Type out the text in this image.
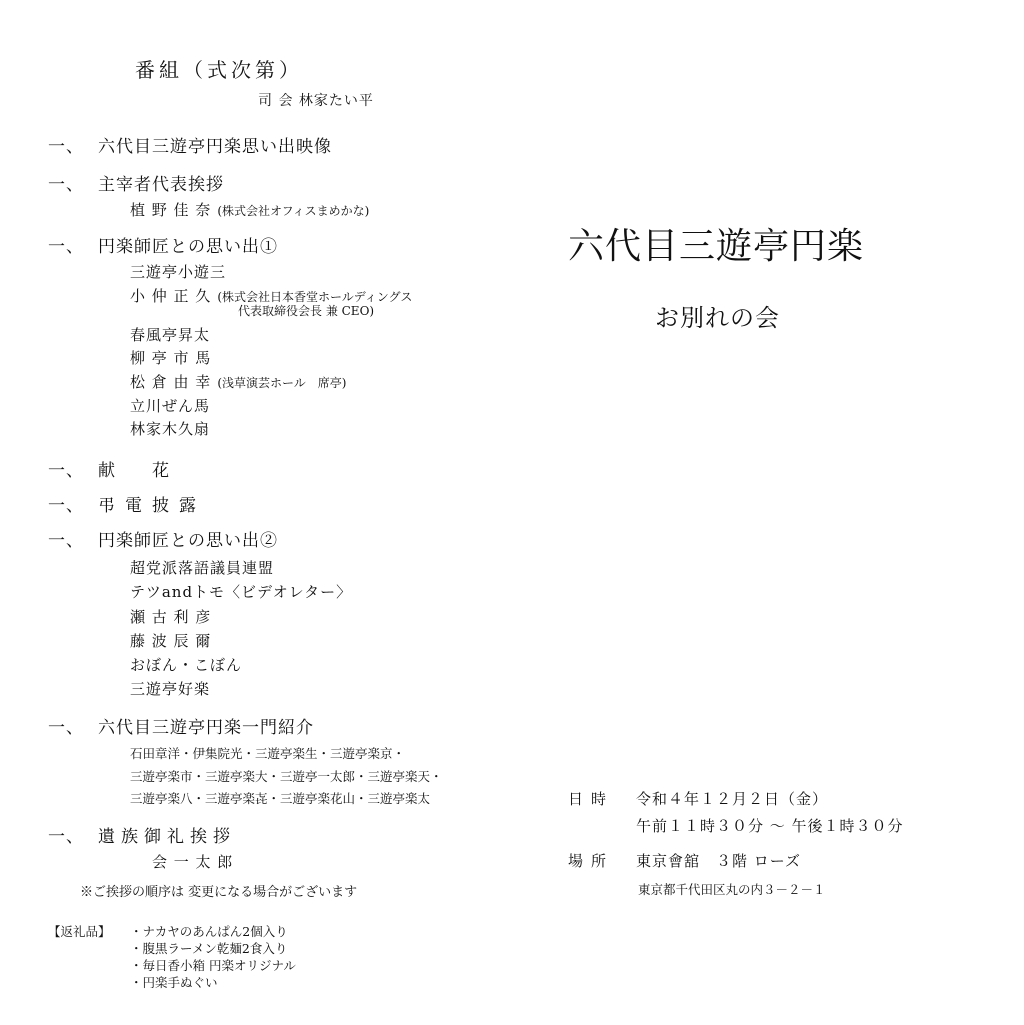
番組（式次第）
司 会 林家たい平
一、 六代目三遊亭円楽思い出映像
一、 主宰者代表挨拶
植 野 佳 奈 (株式会社オフィスまめかな)
一、 円楽師匠との思い出①
三遊亭小遊三
小 仲 正 久 (株式会社日本香堂ホールディングス
代表取締役会長 兼 CEO)
春風亭昇太
柳 亭 市 馬
松 倉 由 幸 (浅草演芸ホール　席亭)
立川ぜん馬
林家木久扇
一、 献　　花
一、 弔電披露
一、 円楽師匠との思い出②
超党派落語議員連盟
テツandトモ〈ビデオレター〉
瀬 古 利 彦
藤 波 辰 爾
おぼん・こぼん
三遊亭好楽
一、 六代目三遊亭円楽一門紹介
石田章洋・伊集院光・三遊亭楽生・三遊亭楽京・
三遊亭楽市・三遊亭楽大・三遊亭一太郎・三遊亭楽天・
三遊亭楽八・三遊亭楽㐂・三遊亭楽花山・三遊亭楽太
一、 遺族御礼挨拶
会 一 太 郎
※ご挨拶の順序は 変更になる場合がございます
【返礼品】 ・ナカヤのあんぱん2個入り
・腹黒ラーメン乾麺2食入り
・毎日香小箱 円楽オリジナル
・円楽手ぬぐい
六代目三遊亭円楽
お別れの会
日時 令和４年１２月２日（金）
午前１１時３０分 〜 午後１時３０分
場所 東京會舘　３階 ローズ
東京都千代田区丸の内３－２－１
